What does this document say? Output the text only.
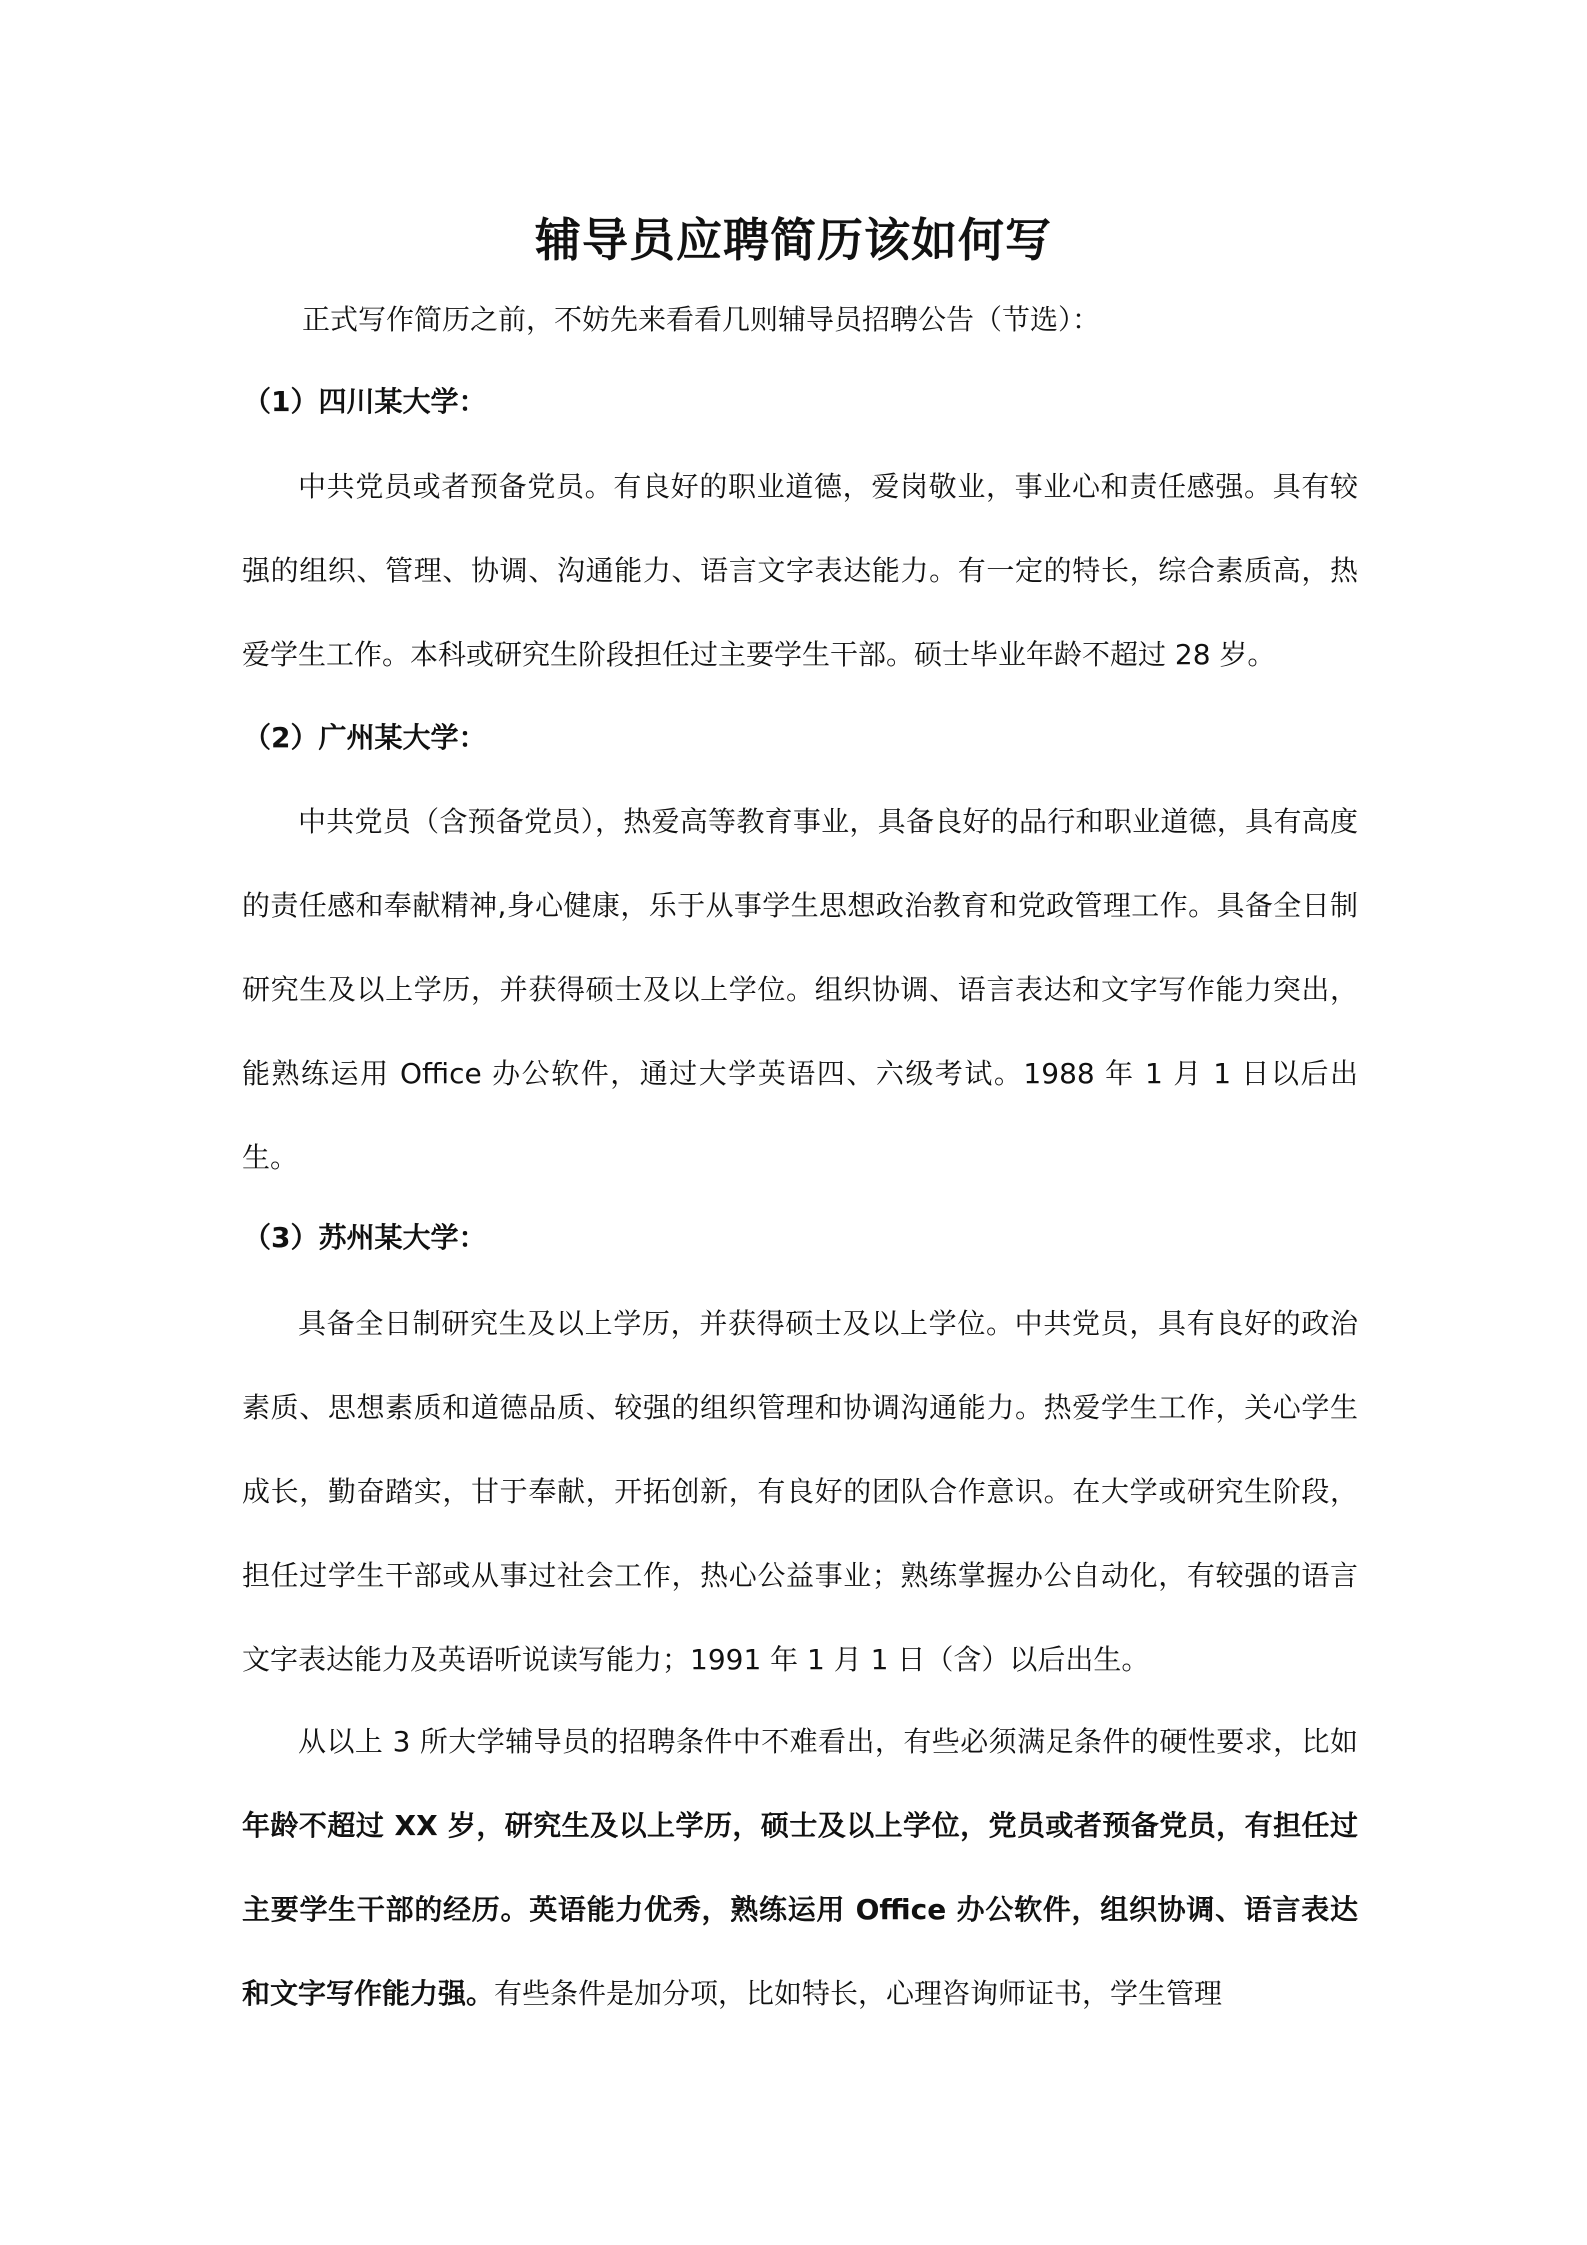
辅导员应聘简历该如何写
正式写作简历之前，不妨先来看看几则辅导员招聘公告（节选）：
（1）四川某大学：
中共党员或者预备党员。有良好的职业道德，爱岗敬业，事业心和责任感强。具有较强的组织、管理、协调、沟通能力、语言文字表达能力。有一定的特长，综合素质高，热爱学生工作。本科或研究生阶段担任过主要学生干部。硕士毕业年龄不超过 28 岁。
（2）广州某大学：
中共党员（含预备党员），热爱高等教育事业，具备良好的品行和职业道德，具有高度的责任感和奉献精神,身心健康，乐于从事学生思想政治教育和党政管理工作。具备全日制研究生及以上学历，并获得硕士及以上学位。组织协调、语言表达和文字写作能力突出，能熟练运用 Office 办公软件，通过大学英语四、六级考试。1988 年 1 月 1 日以后出生。
（3）苏州某大学：
具备全日制研究生及以上学历，并获得硕士及以上学位。中共党员，具有良好的政治素质、思想素质和道德品质、较强的组织管理和协调沟通能力。热爱学生工作，关心学生成长，勤奋踏实，甘于奉献，开拓创新，有良好的团队合作意识。在大学或研究生阶段，担任过学生干部或从事过社会工作，热心公益事业；熟练掌握办公自动化，有较强的语言文字表达能力及英语听说读写能力；1991 年 1 月 1 日（含）以后出生。
从以上 3 所大学辅导员的招聘条件中不难看出，有些必须满足条件的硬性要求，比如年龄不超过 XX 岁，研究生及以上学历，硕士及以上学位，党员或者预备党员，有担任过主要学生干部的经历。英语能力优秀，熟练运用 Office 办公软件，组织协调、语言表达和文字写作能力强。有些条件是加分项，比如特长，心理咨询师证书，学生管理
